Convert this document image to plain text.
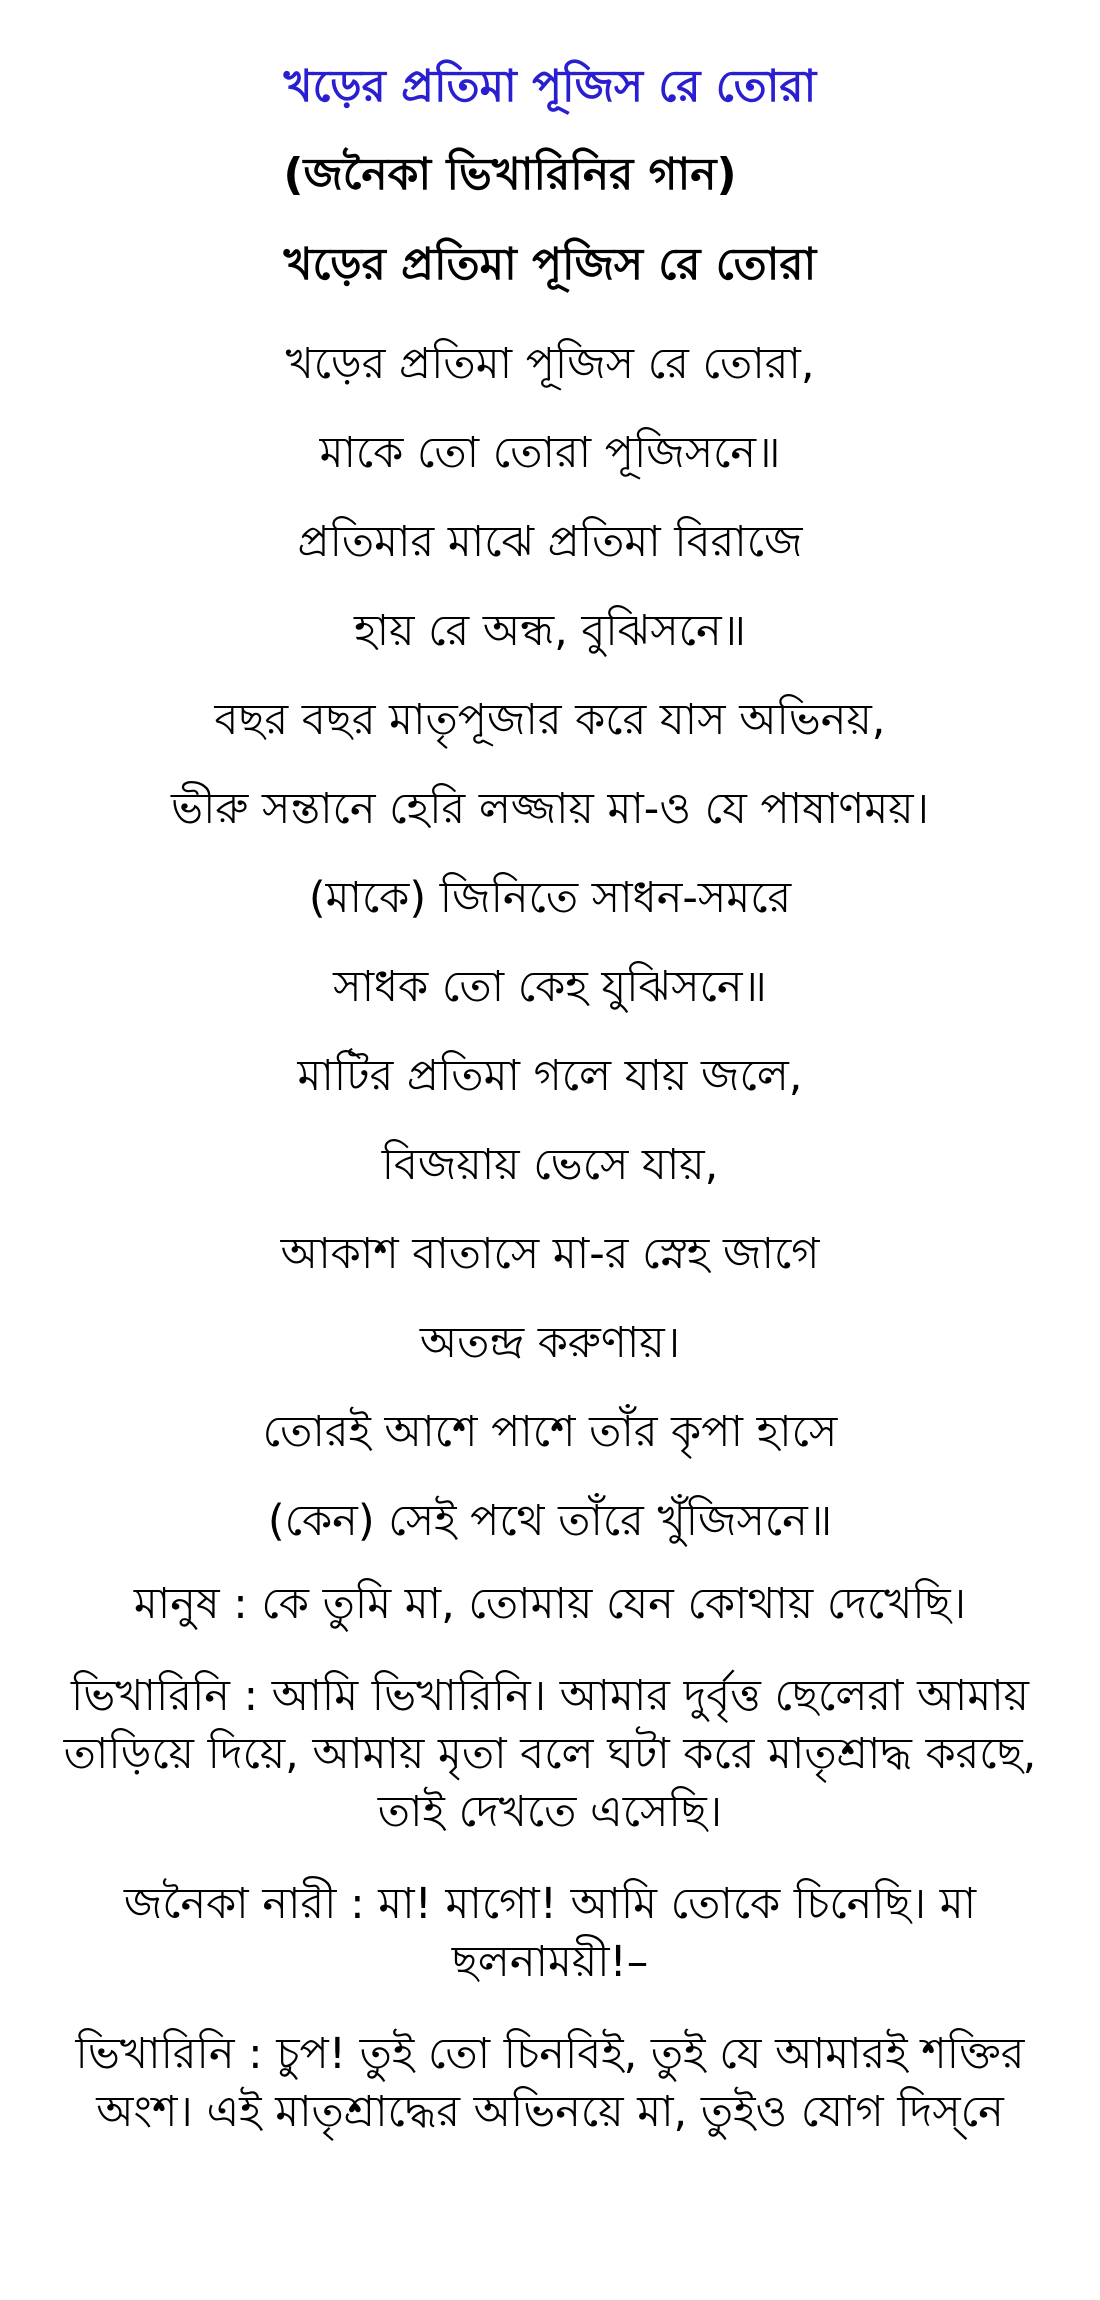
খড়ের প্রতিমা পূজিস রে তোরা
(জনৈকা ভিখারিনির গান)
খড়ের প্রতিমা পূজিস রে তোরা
খড়ের প্রতিমা পূজিস রে তোরা,
মাকে তো তোরা পূজিসনে॥
প্রতিমার মাঝে প্রতিমা বিরাজে
হায় রে অন্ধ, বুঝিসনে॥
বছর বছর মাতৃপূজার করে যাস অভিনয়,
ভীরু সন্তানে হেরি লজ্জায় মা-ও যে পাষাণময়।
(মাকে) জিনিতে সাধন-সমরে
সাধক তো কেহ যুঝিসনে॥
মাটির প্রতিমা গলে যায় জলে,
বিজয়ায় ভেসে যায়,
আকাশ বাতাসে মা-র স্নেহ জাগে
অতন্দ্র করুণায়।
তোরই আশে পাশে তাঁর কৃপা হাসে
(কেন) সেই পথে তাঁরে খুঁজিসনে॥
মানুষ : কে তুমি মা, তোমায় যেন কোথায় দেখেছি।
ভিখারিনি : আমি ভিখারিনি। আমার দুর্বৃত্ত ছেলেরা আমায় তাড়িয়ে দিয়ে, আমায় মৃতা বলে ঘটা করে মাতৃশ্রাদ্ধ করছে, তাই দেখতে এসেছি।
জনৈকা নারী : মা! মাগো! আমি তোকে চিনেছি। মা ছলনাময়ী!–
ভিখারিনি : চুপ! তুই তো চিনবিই, তুই যে আমারই শক্তির অংশ। এই মাতৃশ্রাদ্ধের অভিনয়ে মা, তুইও যোগ দিস্‌নে
